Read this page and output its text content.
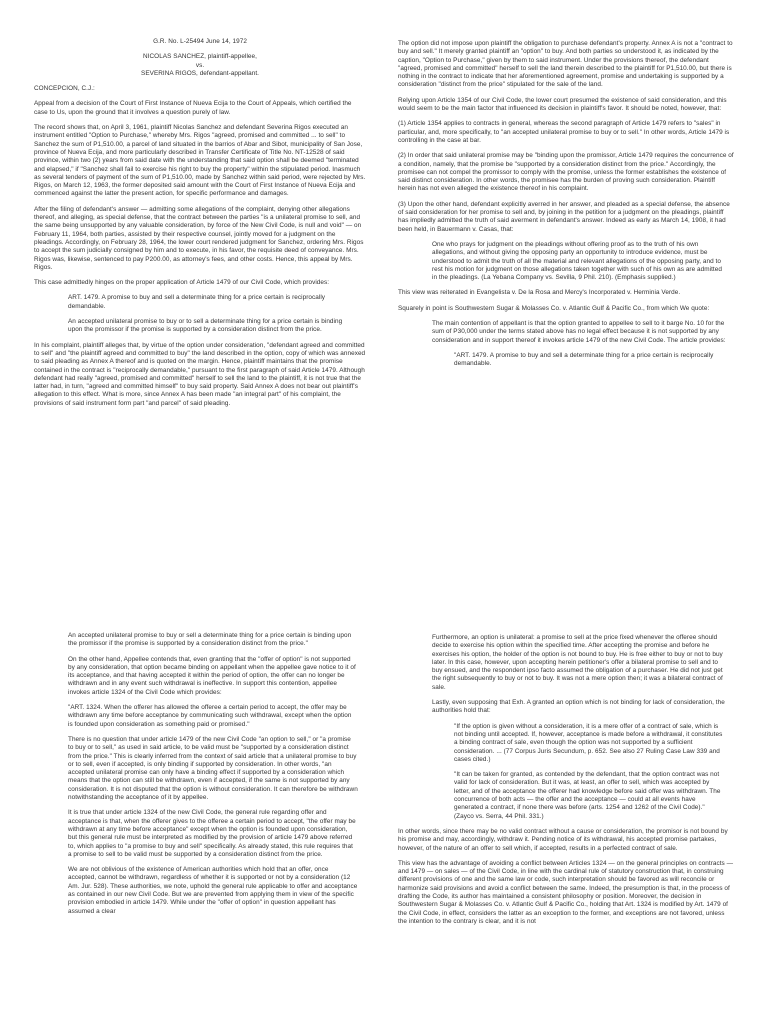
G.R. No. L-25494 June 14, 1972

NICOLAS SANCHEZ, plaintiff-appellee,

vs.

SEVERINA RIGOS, defendant-appellant.

CONCEPCION, C.J.:

Appeal from a decision of the Court of First Instance of Nueva Ecija to the Court of Appeals, which certified the case to Us, upon the ground that it involves a question purely of law.

The record shows that, on April 3, 1961, plaintiff Nicolas Sanchez and defendant Severina Rigos executed an instrument entitled "Option to Purchase," whereby Mrs. Rigos "agreed, promised and committed ... to sell" to Sanchez the sum of P1,510.00, a parcel of land situated in the barrios of Abar and Sibot, municipality of San Jose, province of Nueva Ecija, and more particularly described in Transfer Certificate of Title No. NT-12528 of said province, within two (2) years from said date with the understanding that said option shall be deemed "terminated and elapsed," if "Sanchez shall fail to exercise his right to buy the property" within the stipulated period. Inasmuch as several tenders of payment of the sum of P1,510.00, made by Sanchez within said period, were rejected by Mrs. Rigos, on March 12, 1963, the former deposited said amount with the Court of First Instance of Nueva Ecija and commenced against the latter the present action, for specific performance and damages.

After the filing of defendant's answer — admitting some allegations of the complaint, denying other allegations thereof, and alleging, as special defense, that the contract between the parties "is a unilateral promise to sell, and the same being unsupported by any valuable consideration, by force of the New Civil Code, is null and void" — on February 11, 1964, both parties, assisted by their respective counsel, jointly moved for a judgment on the pleadings. Accordingly, on February 28, 1964, the lower court rendered judgment for Sanchez, ordering Mrs. Rigos to accept the sum judicially consigned by him and to execute, in his favor, the requisite deed of conveyance. Mrs. Rigos was, likewise, sentenced to pay P200.00, as attorney's fees, and other costs. Hence, this appeal by Mrs. Rigos.

This case admittedly hinges on the proper application of Article 1479 of our Civil Code, which provides:

ART. 1479. A promise to buy and sell a determinate thing for a price certain is reciprocally demandable.

An accepted unilateral promise to buy or to sell a determinate thing for a price certain is binding upon the promissor if the promise is supported by a consideration distinct from the price.

In his complaint, plaintiff alleges that, by virtue of the option under consideration, "defendant agreed and committed to sell" and "the plaintiff agreed and committed to buy" the land described in the option, copy of which was annexed to said pleading as Annex A thereof and is quoted on the margin. Hence, plaintiff maintains that the promise contained in the contract is "reciprocally demandable," pursuant to the first paragraph of said Article 1479. Although defendant had really "agreed, promised and committed" herself to sell the land to the plaintiff, it is not true that the latter had, in turn, "agreed and committed himself" to buy said property. Said Annex A does not bear out plaintiff's allegation to this effect. What is more, since Annex A has been made "an integral part" of his complaint, the provisions of said instrument form part "and parcel" of said pleading.

The option did not impose upon plaintiff the obligation to purchase defendant's property. Annex A is not a "contract to buy and sell." It merely granted plaintiff an "option" to buy. And both parties so understood it, as indicated by the caption, "Option to Purchase," given by them to said instrument. Under the provisions thereof, the defendant "agreed, promised and committed" herself to sell the land therein described to the plaintiff for P1,510.00, but there is nothing in the contract to indicate that her aforementioned agreement, promise and undertaking is supported by a consideration "distinct from the price" stipulated for the sale of the land.

Relying upon Article 1354 of our Civil Code, the lower court presumed the existence of said consideration, and this would seem to be the main factor that influenced its decision in plaintiff's favor. It should be noted, however, that:

(1) Article 1354 applies to contracts in general, whereas the second paragraph of Article 1479 refers to "sales" in particular, and, more specifically, to "an accepted unilateral promise to buy or to sell." In other words, Article 1479 is controlling in the case at bar.

(2) In order that said unilateral promise may be "binding upon the promissor, Article 1479 requires the concurrence of a condition, namely, that the promise be "supported by a consideration distinct from the price." Accordingly, the promisee can not compel the promissor to comply with the promise, unless the former establishes the existence of said distinct consideration. In other words, the promisee has the burden of proving such consideration. Plaintiff herein has not even alleged the existence thereof in his complaint.

(3) Upon the other hand, defendant explicitly averred in her answer, and pleaded as a special defense, the absence of said consideration for her promise to sell and, by joining in the petition for a judgment on the pleadings, plaintiff has impliedly admitted the truth of said averment in defendant's answer. Indeed as early as March 14, 1908, it had been held, in Bauermann v. Casas, that:

One who prays for judgment on the pleadings without offering proof as to the truth of his own allegations, and without giving the opposing party an opportunity to introduce evidence, must be understood to admit the truth of all the material and relevant allegations of the opposing party, and to rest his motion for judgment on those allegations taken together with such of his own as are admitted in the pleadings. (La Yebana Company vs. Sevilla, 9 Phil. 210). (Emphasis supplied.)

This view was reiterated in Evangelista v. De la Rosa and Mercy's Incorporated v. Herminia Verde.

Squarely in point is Southwestern Sugar & Molasses Co. v. Atlantic Gulf & Pacific Co., from which We quote:

The main contention of appellant is that the option granted to appellee to sell to it barge No. 10 for the sum of P30,000 under the terms stated above has no legal effect because it is not supported by any consideration and in support thereof it invokes article 1479 of the new Civil Code. The article provides:

"ART. 1479. A promise to buy and sell a determinate thing for a price certain is reciprocally demandable.

An accepted unilateral promise to buy or sell a determinate thing for a price certain is binding upon the promissor if the promise is supported by a consideration distinct from the price."

On the other hand, Appellee contends that, even granting that the "offer of option" is not supported by any consideration, that option became binding on appellant when the appellee gave notice to it of its acceptance, and that having accepted it within the period of option, the offer can no longer be withdrawn and in any event such withdrawal is ineffective. In support this contention, appellee invokes article 1324 of the Civil Code which provides:

"ART. 1324. When the offerer has allowed the offeree a certain period to accept, the offer may be withdrawn any time before acceptance by communicating such withdrawal, except when the option is founded upon consideration as something paid or promised."

There is no question that under article 1479 of the new Civil Code "an option to sell," or "a promise to buy or to sell," as used in said article, to be valid must be "supported by a consideration distinct from the price." This is clearly inferred from the context of said article that a unilateral promise to buy or to sell, even if accepted, is only binding if supported by consideration. In other words, "an accepted unilateral promise can only have a binding effect if supported by a consideration which means that the option can still be withdrawn, even if accepted, if the same is not supported by any consideration. It is not disputed that the option is without consideration. It can therefore be withdrawn notwithstanding the acceptance of it by appellee.

It is true that under article 1324 of the new Civil Code, the general rule regarding offer and acceptance is that, when the offerer gives to the offeree a certain period to accept, "the offer may be withdrawn at any time before acceptance" except when the option is founded upon consideration, but this general rule must be interpreted as modified by the provision of article 1479 above referred to, which applies to "a promise to buy and sell" specifically. As already stated, this rule requires that a promise to sell to be valid must be supported by a consideration distinct from the price.

We are not oblivious of the existence of American authorities which hold that an offer, once accepted, cannot be withdrawn, regardless of whether it is supported or not by a consideration (12 Am. Jur. 528). These authorities, we note, uphold the general rule applicable to offer and acceptance as contained in our new Civil Code. But we are prevented from applying them in view of the specific provision embodied in article 1479. While under the "offer of option" in question appellant has assumed a clear

Furthermore, an option is unilateral: a promise to sell at the price fixed whenever the offeree should decide to exercise his option within the specified time. After accepting the promise and before he exercises his option, the holder of the option is not bound to buy. He is free either to buy or not to buy later. In this case, however, upon accepting herein petitioner's offer a bilateral promise to sell and to buy ensued, and the respondent ipso facto assumed the obligation of a purchaser. He did not just get the right subsequently to buy or not to buy. It was not a mere option then; it was a bilateral contract of sale.

Lastly, even supposing that Exh. A granted an option which is not binding for lack of consideration, the authorities hold that:

"If the option is given without a consideration, it is a mere offer of a contract of sale, which is not binding until accepted. If, however, acceptance is made before a withdrawal, it constitutes a binding contract of sale, even though the option was not supported by a sufficient consideration. ... (77 Corpus Juris Secundum, p. 652. See also 27 Ruling Case Law 339 and cases cited.)

"It can be taken for granted, as contended by the defendant, that the option contract was not valid for lack of consideration. But it was, at least, an offer to sell, which was accepted by letter, and of the acceptance the offerer had knowledge before said offer was withdrawn. The concurrence of both acts — the offer and the acceptance — could at all events have generated a contract, if none there was before (arts. 1254 and 1262 of the Civil Code)." (Zayco vs. Serra, 44 Phil. 331.)

In other words, since there may be no valid contract without a cause or consideration, the promisor is not bound by his promise and may, accordingly, withdraw it. Pending notice of its withdrawal, his accepted promise partakes, however, of the nature of an offer to sell which, if accepted, results in a perfected contract of sale.

This view has the advantage of avoiding a conflict between Articles 1324 — on the general principles on contracts — and 1479 — on sales — of the Civil Code, in line with the cardinal rule of statutory construction that, in construing different provisions of one and the same law or code, such interpretation should be favored as will reconcile or harmonize said provisions and avoid a conflict between the same. Indeed, the presumption is that, in the process of drafting the Code, its author has maintained a consistent philosophy or position. Moreover, the decision in Southwestern Sugar & Molasses Co. v. Atlantic Gulf & Pacific Co., holding that Art. 1324 is modified by Art. 1479 of the Civil Code, in effect, considers the latter as an exception to the former, and exceptions are not favored, unless the intention to the contrary is clear, and it is not
